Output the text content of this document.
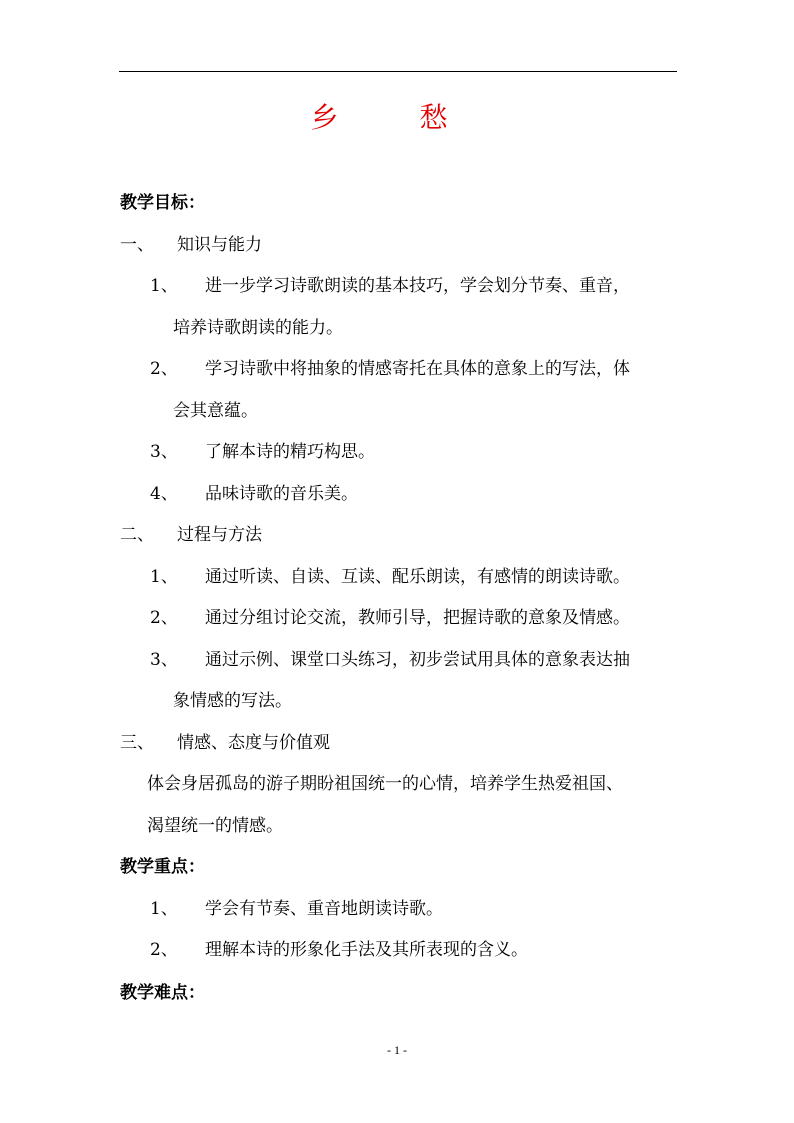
乡 愁
教学目标：
一、 知识与能力
1、 进一步学习诗歌朗读的基本技巧，学会划分节奏、重音，
培养诗歌朗读的能力。
2、 学习诗歌中将抽象的情感寄托在具体的意象上的写法，体
会其意蕴。
3、 了解本诗的精巧构思。
4、 品味诗歌的音乐美。
二、 过程与方法
1、 通过听读、自读、互读、配乐朗读，有感情的朗读诗歌。
2、 通过分组讨论交流，教师引导，把握诗歌的意象及情感。
3、 通过示例、课堂口头练习，初步尝试用具体的意象表达抽
象情感的写法。
三、 情感、态度与价值观
体会身居孤岛的游子期盼祖国统一的心情，培养学生热爱祖国、
渴望统一的情感。
教学重点：
1、 学会有节奏、重音地朗读诗歌。
2、 理解本诗的形象化手法及其所表现的含义。
教学难点：
- 1 -
